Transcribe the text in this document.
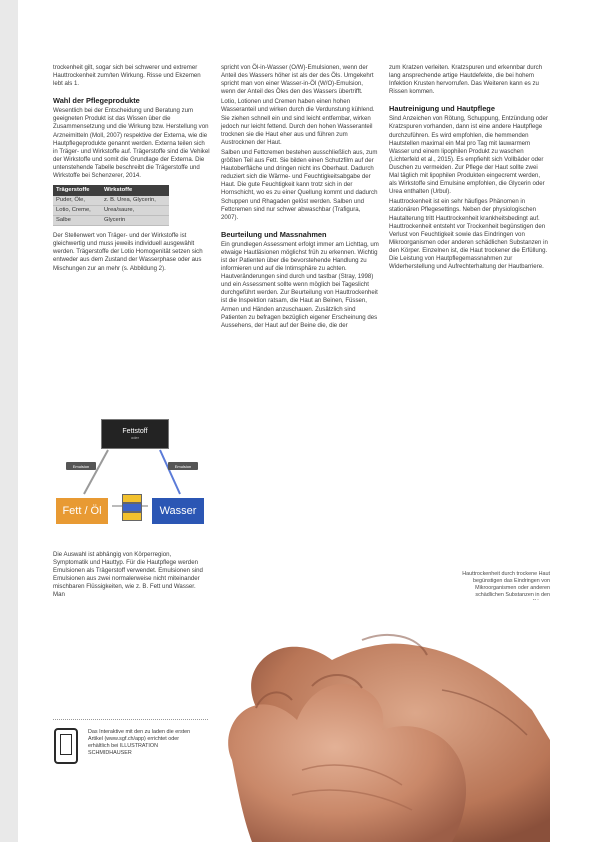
trockenheit gilt, sogar sich bei schwerer und extremer Hauttrockenheit zum/ten Wirkung. Risse und Ekzemen lebt als 1.

Wahl der Pflegeprodukte

Wesentlich bei der Entscheidung und Beratung zum geeigneten Produkt ist das Wissen über die Zusammensetzung und die Wirkung bzw. Herstellung von Arzneimitteln (Moll, 2007) respektive der Externa, wie die Hautpflegeprodukte genannt werden. Externa teilen sich in Träger- und Wirkstoffe auf. Trägerstoffe sind die Vehikel der Wirkstoffe und somit die Grundlage der Externa. Die untenstehende Tabelle beschreibt die Trägerstoffe und Wirkstoffe bei Schenzerer, 2014.

Trägerstoffe	Wirkstoffe
Puder, Öle,	z. B. Urea, Glycerin,
Lotio, Creme,	Urea/saure,
Salbe	Glycerin

Der Stellenwert von Träger- und der Wirkstoffe ist gleichwertig und muss jeweils individuell ausgewählt werden. Trägerstoffe der Lotio Homogenität setzen sich entweder aus dem Zustand der Wasserphase oder aus Mischungen zur an mehr (s. Abbildung 2).

Fettstoff
oder
Emulsion	Emulsion
Fett / Öl	Wasser
Die Auswahl ist abhängig von Körperregion, Symptomatik und Hauttyp. Für die Hautpflege werden Emulsionen als Trägerstoff verwendet. Emulsionen sind Emulsionen aus zwei normalerweise nicht miteinander mischbaren Flüssigkeiten, wie z. B. Fett und Wasser. Man

spricht von Öl-in-Wasser (O/W)-Emulsionen, wenn der Anteil des Wassers höher ist als der des Öls. Umgekehrt spricht man von einer Wasser-in-Öl (W/O)-Emulsion, wenn der Anteil des Öles den des Wassers übertrifft.

Lotio, Lotionen und Cremen haben einen hohen Wasseranteil und wirken durch die Verdunstung kühlend. Sie ziehen schnell ein und sind leicht entfernbar, wirken jedoch nur leicht fettend. Durch den hohen Wasseranteil trocknen sie die Haut eher aus und führen zum Austrocknen der Haut.

Salben und Fettcremen bestehen ausschließlich aus, zum größten Teil aus Fett. Sie bilden einen Schutzfilm auf der Hautoberfläche und dringen nicht ins Oberhaut. Dadurch reduziert sich die Wärme- und Feuchtigkeitsabgabe der Haut. Die gute Feuchtigkeit kann trotz sich in der Hornschicht, wo es zu einer Quellung kommt und dadurch Schuppen und Rhagaden gelöst werden. Salben und Fettcremen sind nur schwer abwaschbar (Trafigura, 2007).

Beurteilung und Massnahmen

Ein grundlegen Assessment erfolgt immer am Lichttag, um etwaige Hautläsionen möglichst früh zu erkennen. Wichtig ist der Patienten über die bevorstehende Handlung zu informieren und auf die Intimsphäre zu achten. Hautveränderungen sind durch und tastbar (Stray, 1998) und ein Assessment sollte wenn möglich bei Tageslicht durchgeführt werden. Zur Beurteilung von Hauttrockenheit ist die Inspektion ratsam, die Haut an Beinen, Füssen, Armen und Händen anzuschauen. Zusätzlich sind Patienten zu befragen bezüglich eigener Erscheinung des Aussehens, der Haut auf der Beine die, die der

zum Kratzen verleiten. Kratzspuren und erkennbar durch lang ansprechende artige Hautdefekte, die bei hohem Infektion Krusten hervorrufen. Das Weiteren kann es zu Rissen kommen.

Hautreinigung und Hautpflege

Sind Anzeichen von Rötung, Schuppung, Entzündung oder Kratzspuren vorhanden, dann ist eine andere Hautpflege durchzuführen. Es wird empfohlen, die hemmenden Hautstellen maximal ein Mal pro Tag mit lauwarmem Wasser und einem lipophilen Produkt zu waschen (Lichterfeld et al., 2015). Es empfiehlt sich Vollbäder oder Duschen zu vermeiden. Zur Pflege der Haut sollte zwei Mal täglich mit lipophilen Produkten eingecremt werden, als Wirkstoffe sind Emulsine empfohlen, die Glycerin oder Urea enthalten (Urbul).

Hauttrockenheit ist ein sehr häufiges Phänomen in stationären Pflegesettings. Neben der physiologischen Hautalterung tritt Hauttrockenheit krankheitsbedingt auf. Hauttrockenheit entsteht vor Trockenheit begünstigen den Verlust von Feuchtigkeit sowie das Eindringen von Mikroorganismen oder anderen schädlichen Substanzen in den Körper. Einzelnen ist, die Haut trockener die Erfüllung. Die Leistung von Hautpflegemassnahmen zur Widerherstellung und Aufrechterhaltung der Hautbarriere.

Hauttrockenheit durch trockene Haut begünstigen das Eindringen von Mikroorganismen oder anderen schädlichen Substanzen in den
Das Interaktive mit den zu laden die ersten Artikel (www.sgf.ch/app) errichtet oder erhältlich bei ILLUSTRATION SCHMIDHAUSER
